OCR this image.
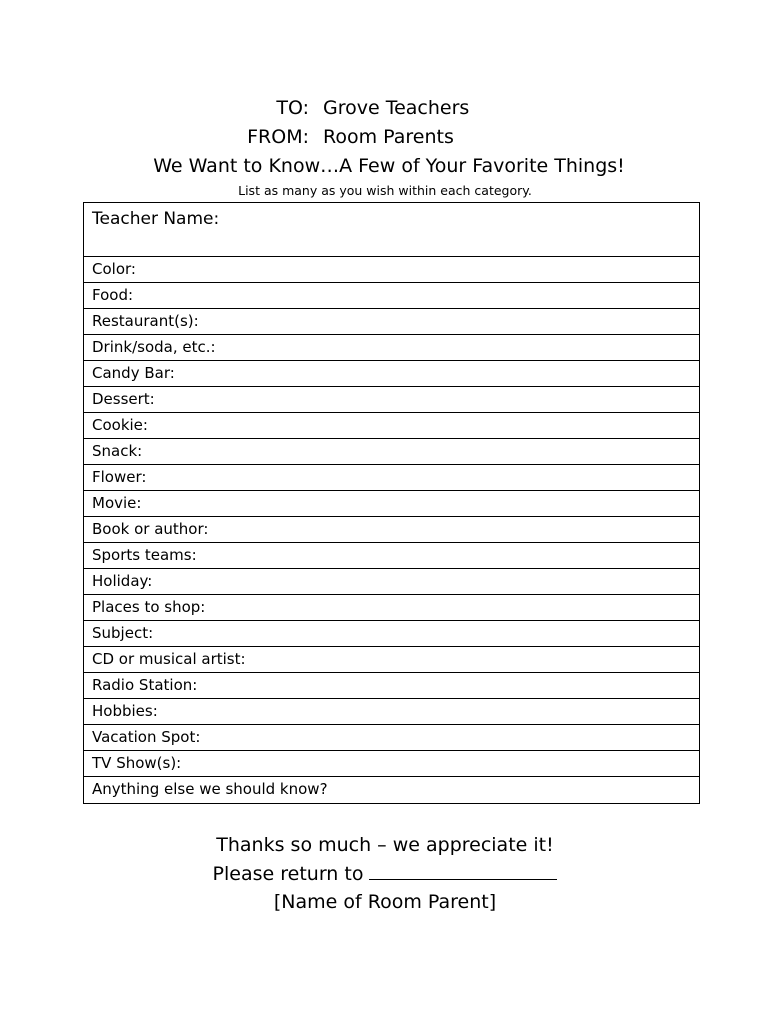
TO: Grove Teachers
FROM: Room Parents
We Want to Know…A Few of Your Favorite Things!
List as many as you wish within each category.
Teacher Name:
Color:
Food:
Restaurant(s):
Drink/soda, etc.:
Candy Bar:
Dessert:
Cookie:
Snack:
Flower:
Movie:
Book or author:
Sports teams:
Holiday:
Places to shop:
Subject:
CD or musical artist:
Radio Station:
Hobbies:
Vacation Spot:
TV Show(s):
Anything else we should know?
Thanks so much – we appreciate it!
Please return to
[Name of Room Parent]
